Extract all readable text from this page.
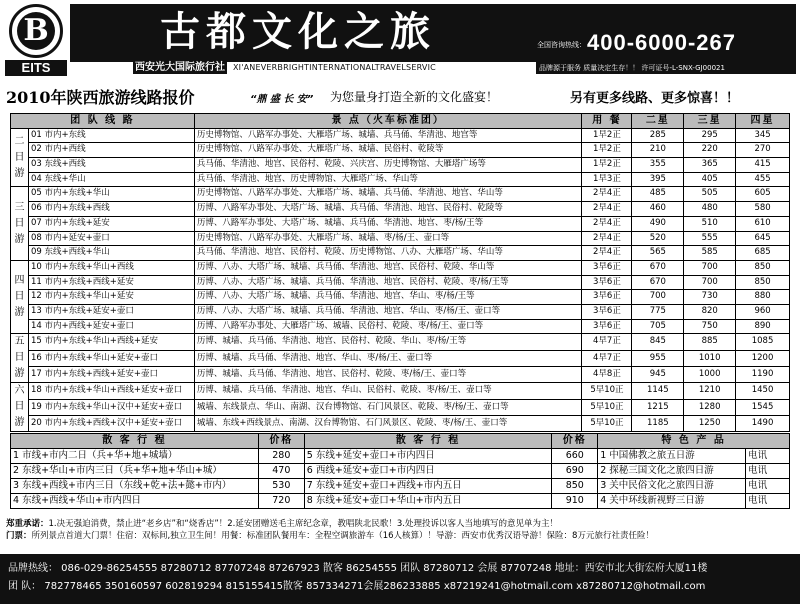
B
EITS
古都文化之旅	全国咨询热线： 400-6000-267
西安光大国际旅行社 XI'ANEVERBRIGHTINTERNATIONALTRAVELSERVIC	品牌源于服务 质量决定生存！！ 许可证号-L-SNX-GJ00021
2010年陕西旅游线路报价	“鼎 盛 长 安” 为您量身打造全新的文化盛宴！	另有更多线路、更多惊喜！！
团 队 线 路		景 点（火车标准团）	用 餐	二星	三星	四星
二日游	01 市内+东线	历史博物馆、八路军办事处、大雁塔广场、城墙、兵马俑、华清池、地宫等	1早2正	285	295	345
	02 市内+西线	历史博物馆、八路军办事处、大雁塔广场、城墙、民俗村、乾陵等	1早2正	210	220	270
	03 东线+西线	兵马俑、华清池、地宫、民俗村、乾陵、兴庆宫、历史博物馆、大雁塔广场等	1早2正	355	365	415
	04 东线+华山	兵马俑、华清池、地宫、历史博物馆、大雁塔广场、华山等	1早3正	395	405	455
三日游	05 市内+东线+华山	历史博物馆、八路军办事处、大雁塔广场、城墙、兵马俑、华清池、地宫、华山等	2早4正	485	505	605
	06 市内+东线+西线	历博、八路军办事处、大塔广场、城墙、兵马俑、华清池、地宫、民俗村、乾陵等	2早4正	460	480	580
	07 市内+东线+延安	历博、八路军办事处、大塔广场、城墙、兵马俑、华清池、地宫、枣/杨/王等	2早4正	490	510	610
	08 市内+延安+壶口	历史博物馆、八路军办事处、大雁塔广场、城墙、枣/杨/王、壶口等	2早4正	520	555	645
	09 东线+西线+华山	兵马俑、华清池、地宫、民俗村、乾陵、历史博物馆、八办、大雁塔广场、华山等	2早4正	565	585	685
四日游	10 市内+东线+华山+西线	历博、八办、大塔广场、城墙、兵马俑、华清池、地宫、民俗村、乾陵、华山等	3早6正	670	700	850
	11 市内+东线+西线+延安	历博、八办、大塔广场、城墙、兵马俑、华清池、地宫、民俗村、乾陵、枣/杨/王等	3早6正	670	700	850
	12 市内+东线+华山+延安	历博、八办、大塔广场、城墙、兵马俑、华清池、地宫、华山、枣/杨/王等	3早6正	700	730	880
	13 市内+东线+延安+壶口	历博、八办、大塔广场、城墙、兵马俑、华清池、地宫、华山、枣/杨/王、壶口等	3早6正	775	820	960
	14 市内+西线+延安+壶口	历博、八路军办事处、大雁塔广场、城墙、民俗村、乾陵、枣/杨/王、壶口等	3早6正	705	750	890
五日游	15 市内+东线+华山+西线+延安	历博、城墙、兵马俑、华清池、地宫、民俗村、乾陵、华山、枣/杨/王等	4早7正	845	885	1085
	16 市内+东线+华山+延安+壶口	历博、城墙、兵马俑、华清池、地宫、华山、枣/杨/王、壶口等	4早7正	955	1010	1200
	17 市内+东线+西线+延安+壶口	历博、城墙、兵马俑、华清池、地宫、民俗村、乾陵、枣/杨/王、壶口等	4早8正	945	1000	1190
六日游	18 市内+东线+华山+西线+延安+壶口	历博、城墙、兵马俑、华清池、地宫、华山、民俗村、乾陵、枣/杨/王、壶口等	5早10正	1145	1210	1450
	19 市内+东线+华山+汉中+延安+壶口	城墙、东线景点、华山、南湖、汉台博物馆、石门风景区、乾陵、枣/杨/王、壶口等	5早10正	1215	1280	1545
	20 市内+东线+西线+汉中+延安+壶口	城墙、东线+西线景点、南湖、汉台博物馆、石门风景区、乾陵、枣/杨/王、壶口等	5早10正	1185	1250	1490
散 客 行 程	价格	散 客 行 程	价格	特 色 产 品	
1 市线+市内二日（兵+华+地+城墙）	280	5 东线+延安+壶口+市内四日	660	1 中国佛教之旅五日游	电讯
2 东线+华山+市内三日（兵+华+地+华山+城）	470	6 西线+延安+壶口+市内四日	690	2 探秘三国文化之旅四日游	电讯
3 东线+西线+市内三日（东线+乾+法+懿+市内）	530	7 东线+延安+壶口+西线+市内五日	850	3 关中民俗文化之旅四日游	电讯
4 东线+西线+华山+市内四日	720	8 东线+延安+壶口+华山+市内五日	910	4 关中环线新视野三日游	电讯
郑重承诺：1.决无强迫消费，禁止进“老乡店”和“烧香店”！2.延安团赠送毛主席纪念章，教唱陕北民歌！3.处理投诉以客人当地填写的意见单为主！
门票：所列景点首道大门票！住宿：双标间,独立卫生间！用餐：标准团队餐用车：全程空调旅游车（16人核算）！导游：西安市优秀汉语导游！保险：8万元旅行社责任险！
品牌热线： 086-029-86254555 87280712 87707248 87267923 散客 86254555 团队 87280712 会展 87707248 地址：西安市北大街宏府大厦11楼
团 队： 782778465 350160597 602819294 815155415散客 857334271会展286233885 x87219241@hotmail.com x87280712@hotmail.com
